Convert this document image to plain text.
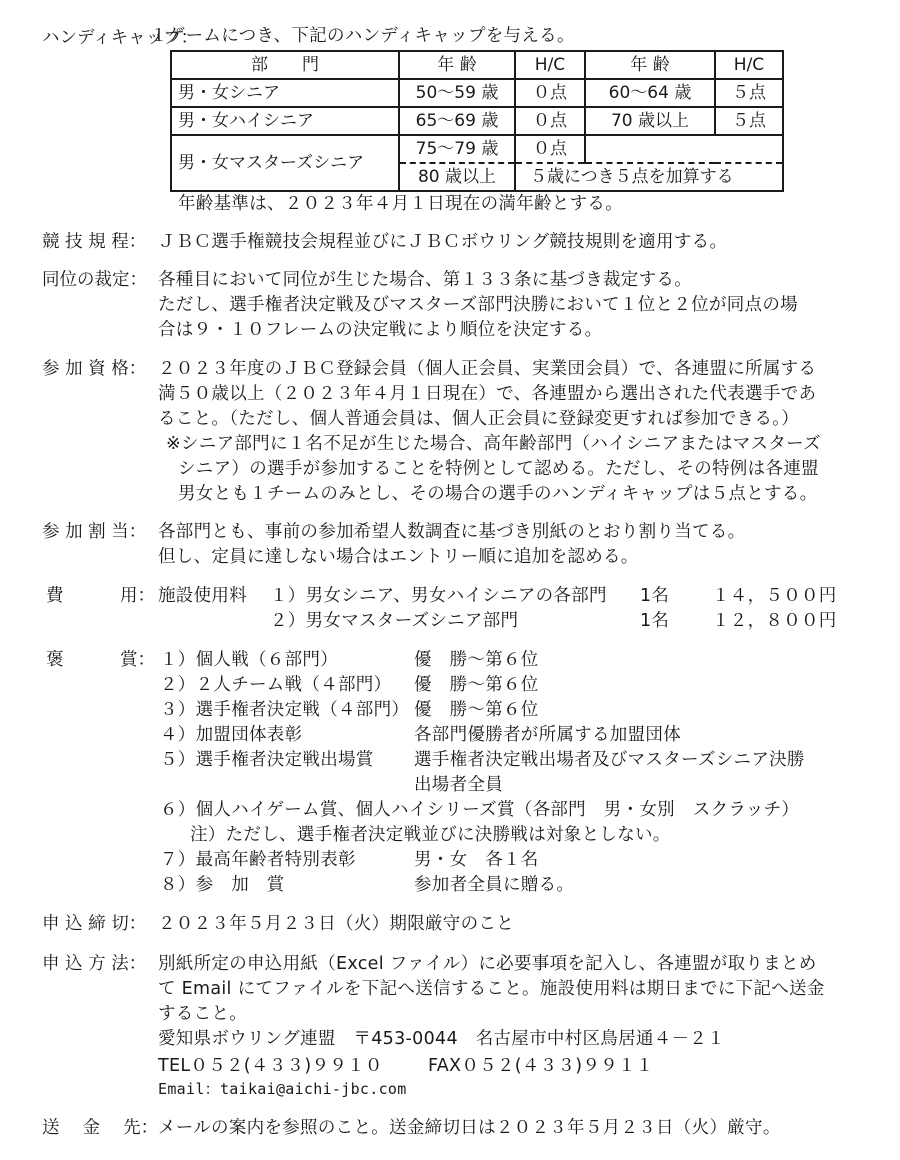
ハンディキャップ：
１ゲームにつき、下記のハンディキャップを与える。
部　　門	年 齢	H/C	年 齢	H/C
男・女シニア	50～59 歳	０点	60～64 歳	５点
男・女ハイシニア	65～69 歳	０点	70 歳以上	５点
男・女マスターズシニア	75～79 歳	０点		
	80 歳以上	５歳につき５点を加算する		
年齢基準は、２０２３年４月１日現在の満年齢とする。
競 技 規 程： ＪＢＣ選手権競技会規程並びにＪＢＣボウリング競技規則を適用する。
同位の裁定： 各種目において同位が生じた場合、第１３３条に基づき裁定する。
ただし、選手権者決定戦及びマスターズ部門決勝において１位と２位が同点の場
合は９・１０フレームの決定戦により順位を決定する。
参 加 資 格： ２０２３年度のＪＢＣ登録会員（個人正会員、実業団会員）で、各連盟に所属する
満５０歳以上（２０２３年４月１日現在）で、各連盟から選出された代表選手であ
ること。（ただし、個人普通会員は、個人正会員に登録変更すれば参加できる。）
※シニア部門に１名不足が生じた場合、高年齢部門（ハイシニアまたはマスターズ
シニア）の選手が参加することを特例として認める。ただし、その特例は各連盟
男女とも１チームのみとし、その場合の選手のハンディキャップは５点とする。
参 加 割 当： 各部門とも、事前の参加希望人数調査に基づき別紙のとおり割り当てる。
但し、定員に達しない場合はエントリー順に追加を認める。
費	用： 施設使用料 １）男女シニア、男女ハイシニアの各部門 1名 １４，５００円
２）男女マスターズシニア部門	1名 １２，８００円
褒	賞： １）個人戦（６部門）	優　勝～第６位
２）２人チーム戦（４部門） 優　勝～第６位
３）選手権者決定戦（４部門） 優　勝～第６位
４）加盟団体表彰	各部門優勝者が所属する加盟団体
５）選手権者決定戦出場賞 選手権者決定戦出場者及びマスターズシニア決勝
出場者全員
６）個人ハイゲーム賞、個人ハイシリーズ賞（各部門　男・女別　スクラッチ）
注）ただし、選手権者決定戦並びに決勝戦は対象としない。
７）最高年齢者特別表彰	男・女　各１名
８）参　加　賞	参加者全員に贈る。
申 込 締 切： ２０２３年５月２３日（火）期限厳守のこと
申 込 方 法： 別紙所定の申込用紙（Excel ファイル）に必要事項を記入し、各連盟が取りまとめ
て Email にてファイルを下記へ送信すること。施設使用料は期日までに下記へ送金
すること。
愛知県ボウリング連盟　〒453-0044　名古屋市中村区鳥居通４－２１
TEL０５２(４３３)９９１０	FAX０５２(４３３)９９１１
Email：taikai@aichi-jbc.com
送　 金　 先： メールの案内を参照のこと。送金締切日は２０２３年５月２３日（火）厳守。
